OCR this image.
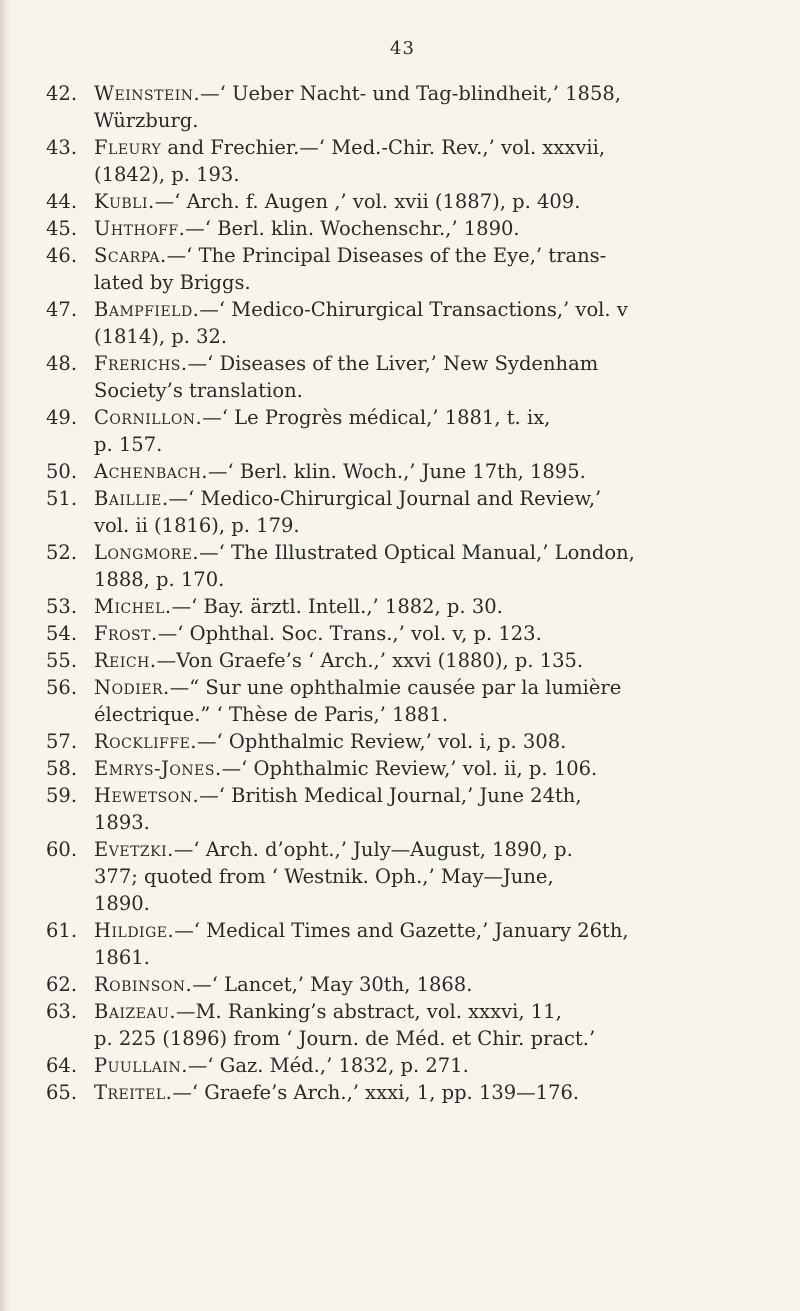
43
42. Weinstein.—‘ Ueber Nacht- und Tag-blindheit,’ 1858,
Würzburg.
43. Fleury and Frechier.—‘ Med.-Chir. Rev.,’ vol. xxxvii,
(1842), p. 193.
44. Kubli.—‘ Arch. f. Augen ,’ vol. xvii (1887), p. 409.
45. Uhthoff.—‘ Berl. klin. Wochenschr.,’ 1890.
46. Scarpa.—‘ The Principal Diseases of the Eye,’ trans-
lated by Briggs.
47. Bampfield.—‘ Medico-Chirurgical Transactions,’ vol. v
(1814), p. 32.
48. Frerichs.—‘ Diseases of the Liver,’ New Sydenham
Society’s translation.
49. Cornillon.—‘ Le Progrès médical,’ 1881, t. ix,
p. 157.
50. Achenbach.—‘ Berl. klin. Woch.,’ June 17th, 1895.
51. Baillie.—‘ Medico-Chirurgical Journal and Review,’
vol. ii (1816), p. 179.
52. Longmore.—‘ The Illustrated Optical Manual,’ London,
1888, p. 170.
53. Michel.—‘ Bay. ärztl. Intell.,’ 1882, p. 30.
54. Frost.—‘ Ophthal. Soc. Trans.,’ vol. v, p. 123.
55. Reich.—Von Graefe’s ‘ Arch.,’ xxvi (1880), p. 135.
56. Nodier.—“ Sur une ophthalmie causée par la lumière
électrique.” ‘ Thèse de Paris,’ 1881.
57. Rockliffe.—‘ Ophthalmic Review,’ vol. i, p. 308.
58. Emrys-Jones.—‘ Ophthalmic Review,’ vol. ii, p. 106.
59. Hewetson.—‘ British Medical Journal,’ June 24th,
1893.
60. Evetzki.—‘ Arch. d’opht.,’ July—August, 1890, p.
377; quoted from ‘ Westnik. Oph.,’ May—June,
1890.
61. Hildige.—‘ Medical Times and Gazette,’ January 26th,
1861.
62. Robinson.—‘ Lancet,’ May 30th, 1868.
63. Baizeau.—M. Ranking’s abstract, vol. xxxvi, 11,
p. 225 (1896) from ‘ Journ. de Méd. et Chir. pract.’
64. Puullain.—‘ Gaz. Méd.,’ 1832, p. 271.
65. Treitel.—‘ Graefe’s Arch.,’ xxxi, 1, pp. 139—176.
